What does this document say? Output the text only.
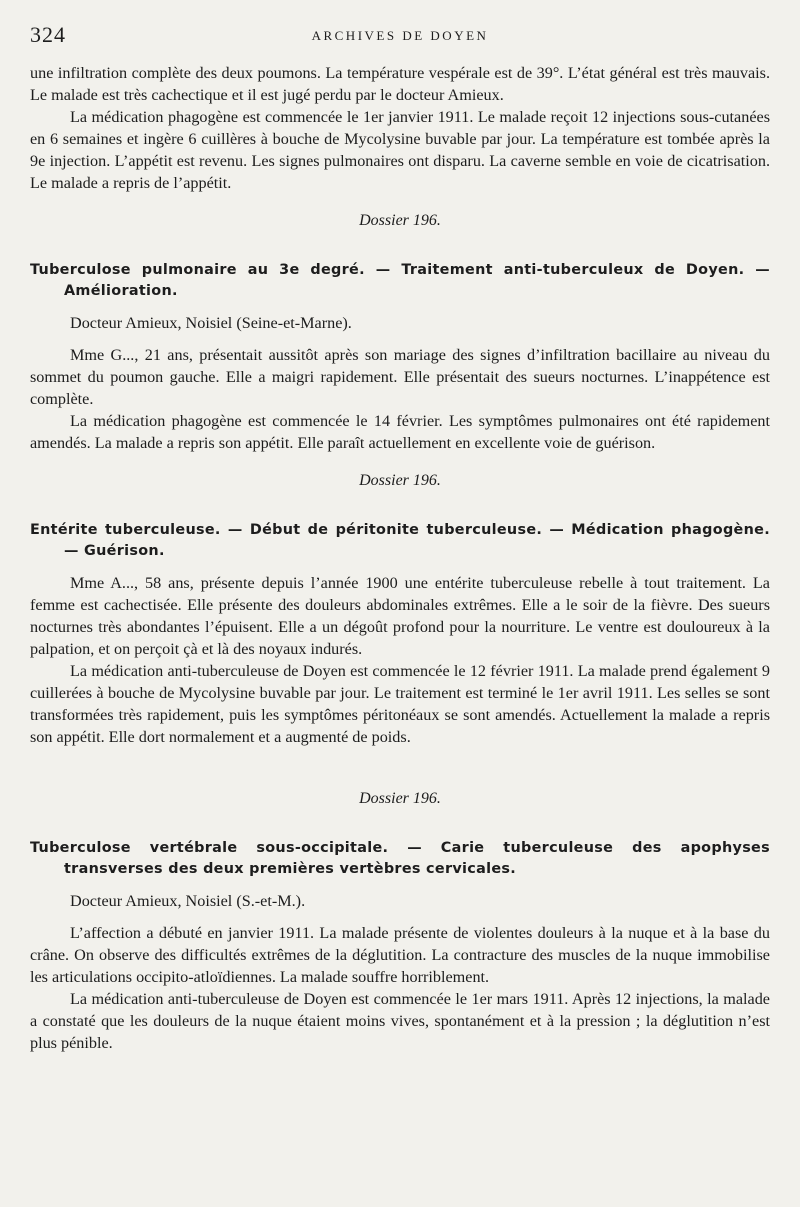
324	ARCHIVES DE DOYEN

une infiltration complète des deux poumons. La température vespérale est de 39°. L’état général est très mauvais. Le malade est très cachectique et il est jugé perdu par le docteur Amieux.

La médication phagogène est commencée le 1er janvier 1911. Le malade reçoit 12 injections sous-cutanées en 6 semaines et ingère 6 cuillères à bouche de Mycolysine buvable par jour. La température est tombée après la 9e injection. L’appétit est revenu. Les signes pulmonaires ont disparu. La caverne semble en voie de cicatrisation. Le malade a repris de l’appétit.

Dossier 196.
Tuberculose pulmonaire au 3e degré. — Traitement anti-tuberculeux de Doyen. — Amélioration.
Docteur Amieux, Noisiel (Seine-et-Marne).

Mme G..., 21 ans, présentait aussitôt après son mariage des signes d’infiltration bacillaire au niveau du sommet du poumon gauche. Elle a maigri rapidement. Elle présentait des sueurs nocturnes. L’inappétence est complète.

La médication phagogène est commencée le 14 février. Les symptômes pulmonaires ont été rapidement amendés. La malade a repris son appétit. Elle paraît actuellement en excellente voie de guérison.

Dossier 196.
Entérite tuberculeuse. — Début de péritonite tuberculeuse. — Médication phagogène. — Guérison.

Mme A..., 58 ans, présente depuis l’année 1900 une entérite tuberculeuse rebelle à tout traitement. La femme est cachectisée. Elle présente des douleurs abdominales extrêmes. Elle a le soir de la fièvre. Des sueurs nocturnes très abondantes l’épuisent. Elle a un dégoût profond pour la nourriture. Le ventre est douloureux à la palpation, et on perçoit çà et là des noyaux indurés.

La médication anti-tuberculeuse de Doyen est commencée le 12 février 1911. La malade prend également 9 cuillerées à bouche de Mycolysine buvable par jour. Le traitement est terminé le 1er avril 1911. Les selles se sont transformées très rapidement, puis les symptômes péritonéaux se sont amendés. Actuellement la malade a repris son appétit. Elle dort normalement et a augmenté de poids.

Dossier 196.
Tuberculose vertébrale sous-occipitale. — Carie tuberculeuse des apophyses transverses des deux premières vertèbres cervicales.
Docteur Amieux, Noisiel (S.-et-M.).

L’affection a débuté en janvier 1911. La malade présente de violentes douleurs à la nuque et à la base du crâne. On observe des difficultés extrêmes de la déglutition. La contracture des muscles de la nuque immobilise les articulations occipito-atloïdiennes. La malade souffre horriblement.

La médication anti-tuberculeuse de Doyen est commencée le 1er mars 1911. Après 12 injections, la malade a constaté que les douleurs de la nuque étaient moins vives, spontanément et à la pression ; la déglutition n’est plus pénible.
